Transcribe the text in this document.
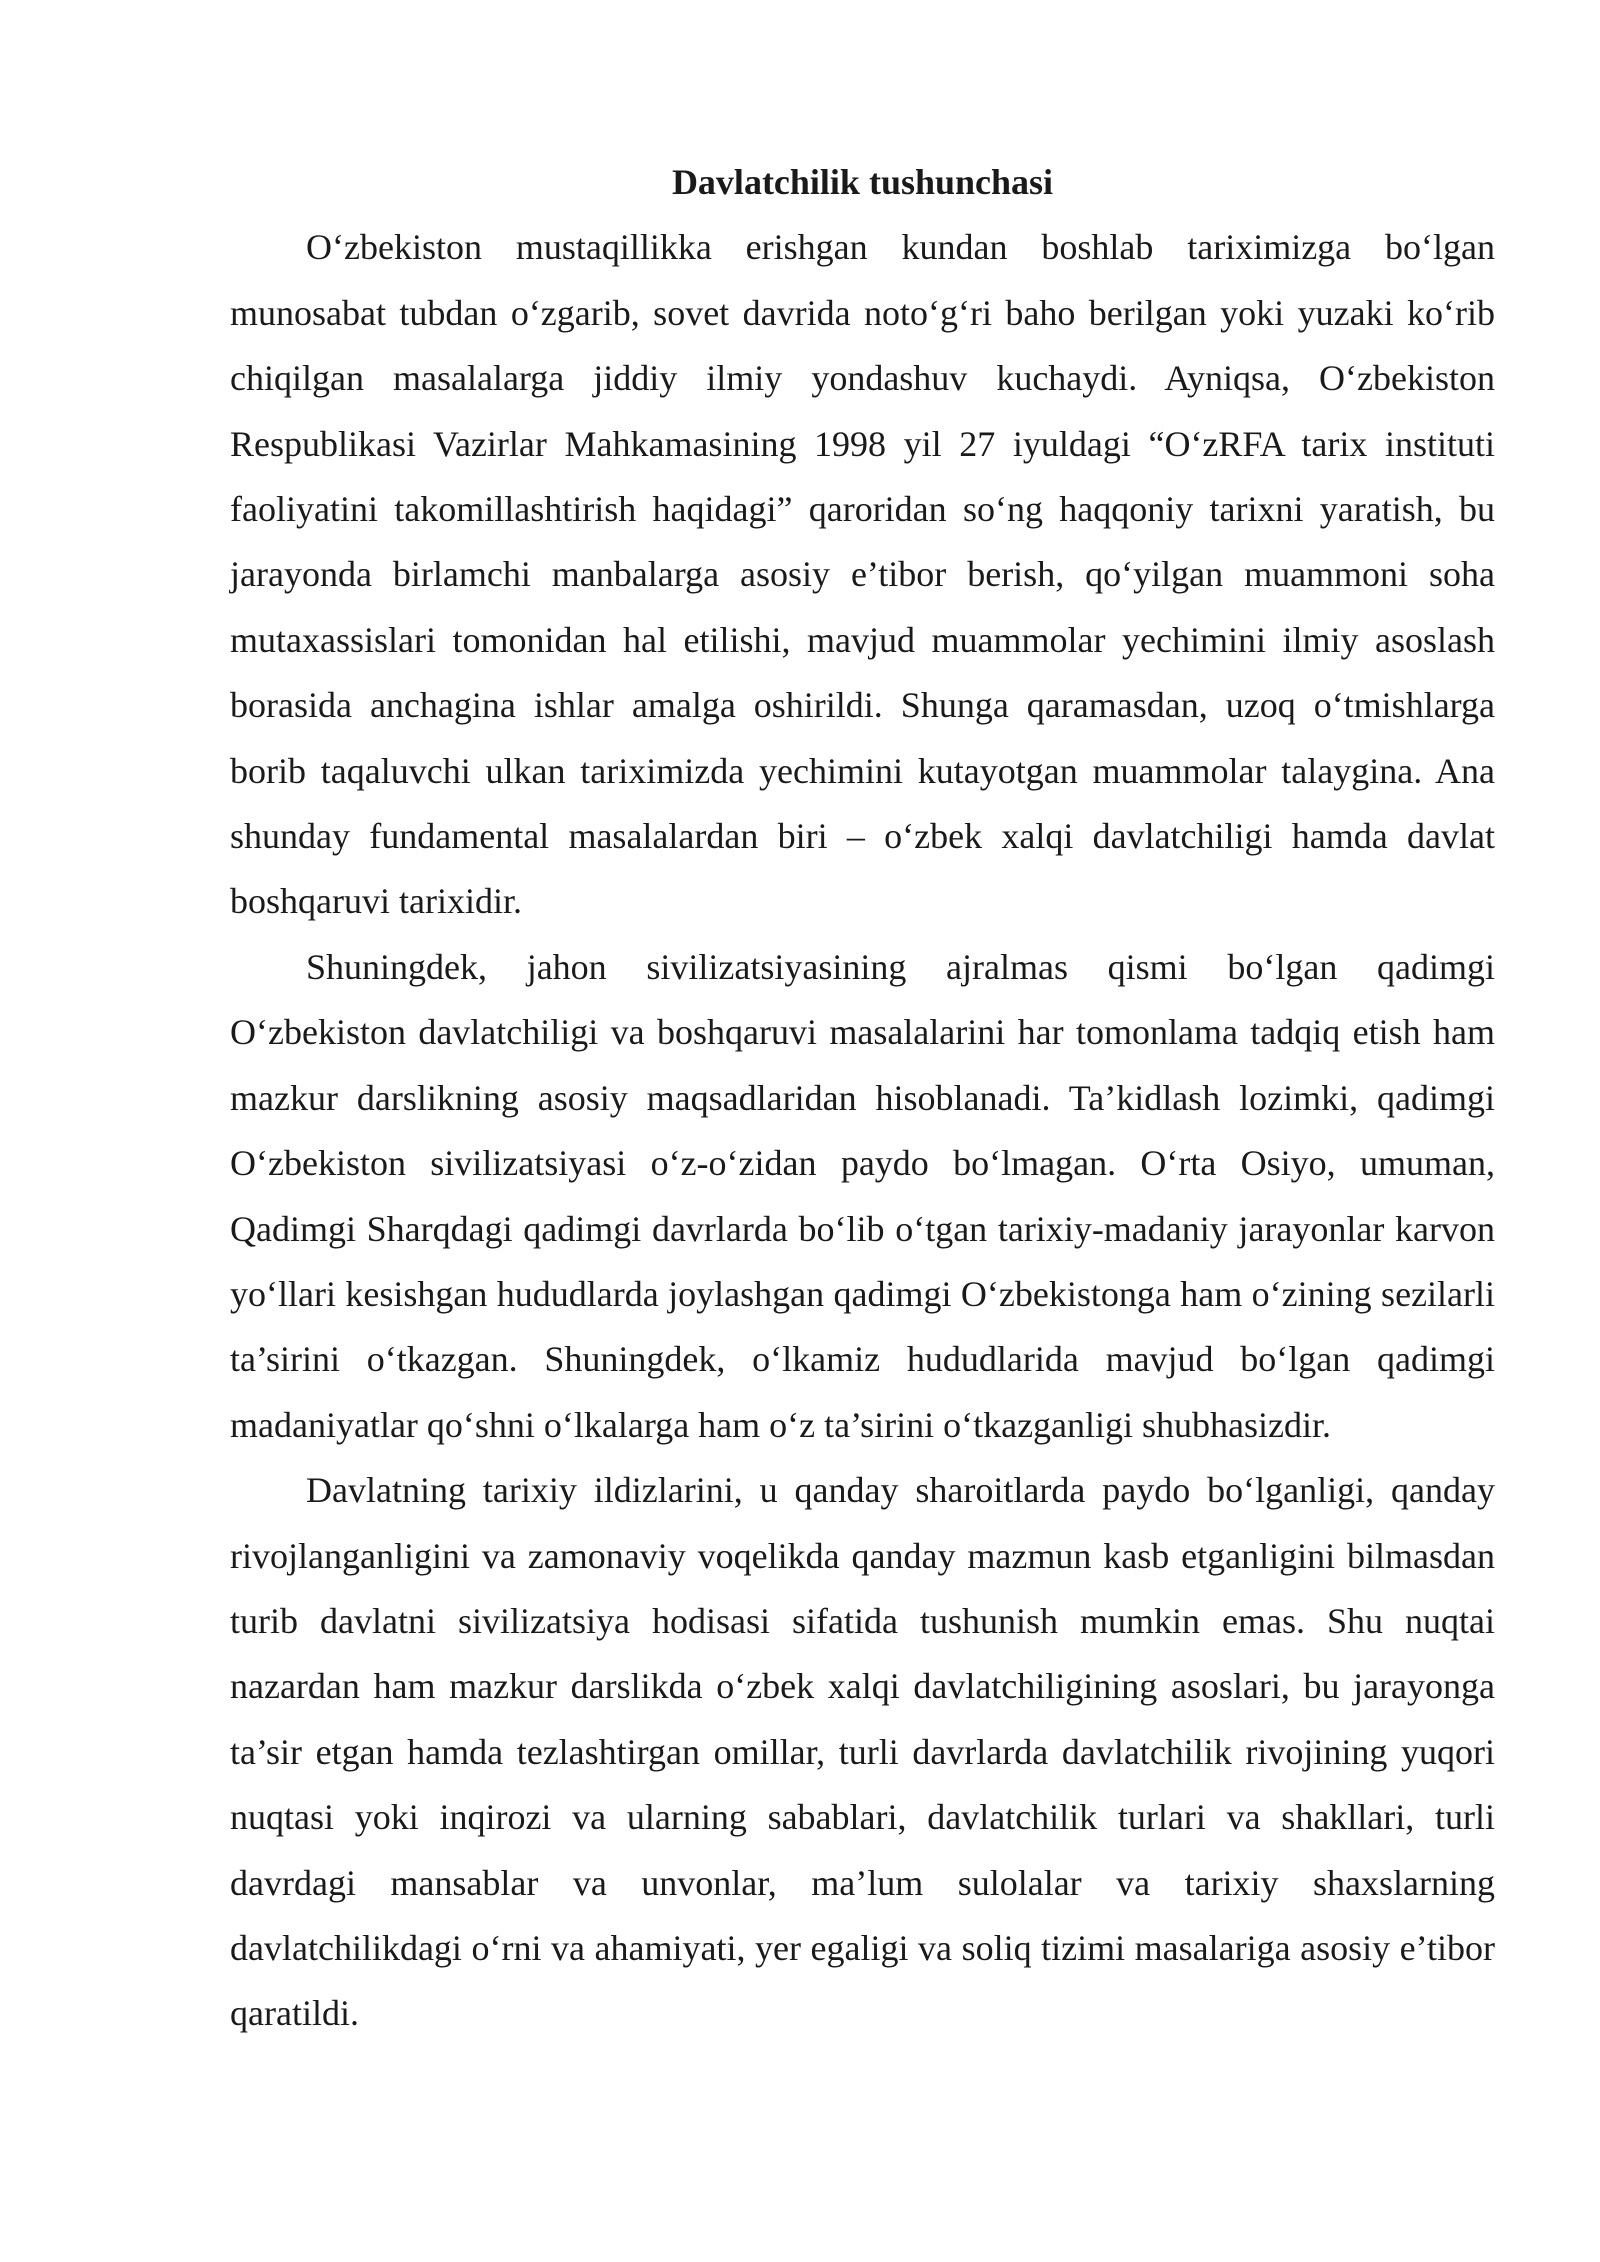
Davlatchilik tushunchasi

O‘zbekiston mustaqillikka erishgan kundan boshlab tariximizga bo‘lgan munosabat tubdan o‘zgarib, sovet davrida noto‘g‘ri baho berilgan yoki yuzaki ko‘rib chiqilgan masalalarga jiddiy ilmiy yondashuv kuchaydi. Ayniqsa, O‘zbekiston Respublikasi Vazirlar Mahkamasining 1998 yil 27 iyuldagi “O‘zRFA tarix instituti faoliyatini takomillashtirish haqidagi” qaroridan so‘ng haqqoniy tarixni yaratish, bu jarayonda birlamchi manbalarga asosiy e’tibor berish, qo‘yilgan muammoni soha mutaxassislari tomonidan hal etilishi, mavjud muammolar yechimini ilmiy asoslash borasida anchagina ishlar amalga oshirildi. Shunga qaramasdan, uzoq o‘tmishlarga borib taqaluvchi ulkan tariximizda yechimini kutayotgan muammolar talaygina. Ana shunday fundamental masalalardan biri – o‘zbek xalqi davlatchiligi hamda davlat boshqaruvi tarixidir.

Shuningdek, jahon sivilizatsiyasining ajralmas qismi bo‘lgan qadimgi O‘zbekiston davlatchiligi va boshqaruvi masalalarini har tomonlama tadqiq etish ham mazkur darslikning asosiy maqsadlaridan hisoblanadi. Ta’kidlash lozimki, qadimgi O‘zbekiston sivilizatsiyasi o‘z-o‘zidan paydo bo‘lmagan. O‘rta Osiyo, umuman, Qadimgi Sharqdagi qadimgi davrlarda bo‘lib o‘tgan tarixiy-madaniy jarayonlar karvon yo‘llari kesishgan hududlarda joylashgan qadimgi O‘zbekistonga ham o‘zining sezilarli ta’sirini o‘tkazgan. Shuningdek, o‘lkamiz hududlarida mavjud bo‘lgan qadimgi madaniyatlar qo‘shni o‘lkalarga ham o‘z ta’sirini o‘tkazganligi shubhasizdir.

Davlatning tarixiy ildizlarini, u qanday sharoitlarda paydo bo‘lganligi, qanday rivojlanganligini va zamonaviy voqelikda qanday mazmun kasb etganligini bilmasdan turib davlatni sivilizatsiya hodisasi sifatida tushunish mumkin emas. Shu nuqtai nazardan ham mazkur darslikda o‘zbek xalqi davlatchiligining asoslari, bu jarayonga ta’sir etgan hamda tezlashtirgan omillar, turli davrlarda davlatchilik rivojining yuqori nuqtasi yoki inqirozi va ularning sabablari, davlatchilik turlari va shakllari, turli davrdagi mansablar va unvonlar, ma’lum sulolalar va tarixiy shaxslarning davlatchilikdagi o‘rni va ahamiyati, yer egaligi va soliq tizimi masalariga asosiy e’tibor qaratildi.
